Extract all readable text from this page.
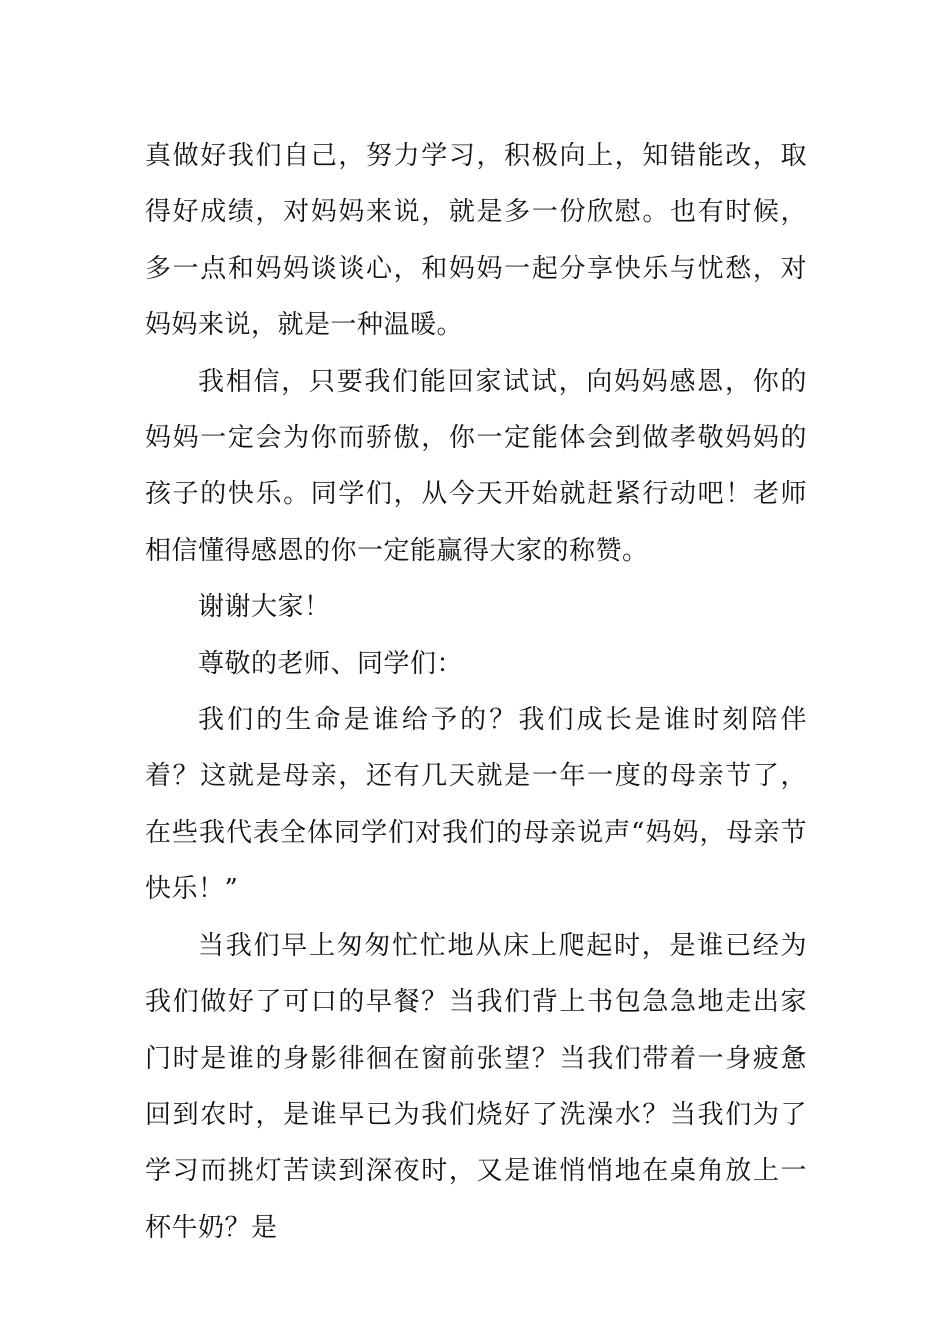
真做好我们自己，努力学习，积极向上，知错能改，取得好成绩，对妈妈来说，就是多一份欣慰。也有时候，多一点和妈妈谈谈心，和妈妈一起分享快乐与忧愁，对妈妈来说，就是一种温暖。

我相信，只要我们能回家试试，向妈妈感恩，你的妈妈一定会为你而骄傲，你一定能体会到做孝敬妈妈的孩子的快乐。同学们，从今天开始就赶紧行动吧！老师相信懂得感恩的你一定能赢得大家的称赞。

谢谢大家！

尊敬的老师、同学们：

我们的生命是谁给予的？我们成长是谁时刻陪伴着？这就是母亲，还有几天就是一年一度的母亲节了，在些我代表全体同学们对我们的母亲说声“妈妈，母亲节快乐！”

当我们早上匆匆忙忙地从床上爬起时，是谁已经为我们做好了可口的早餐？当我们背上书包急急地走出家门时是谁的身影徘徊在窗前张望？当我们带着一身疲惫回到农时，是谁早已为我们烧好了洗澡水？当我们为了学习而挑灯苦读到深夜时，又是谁悄悄地在桌角放上一杯牛奶？是
